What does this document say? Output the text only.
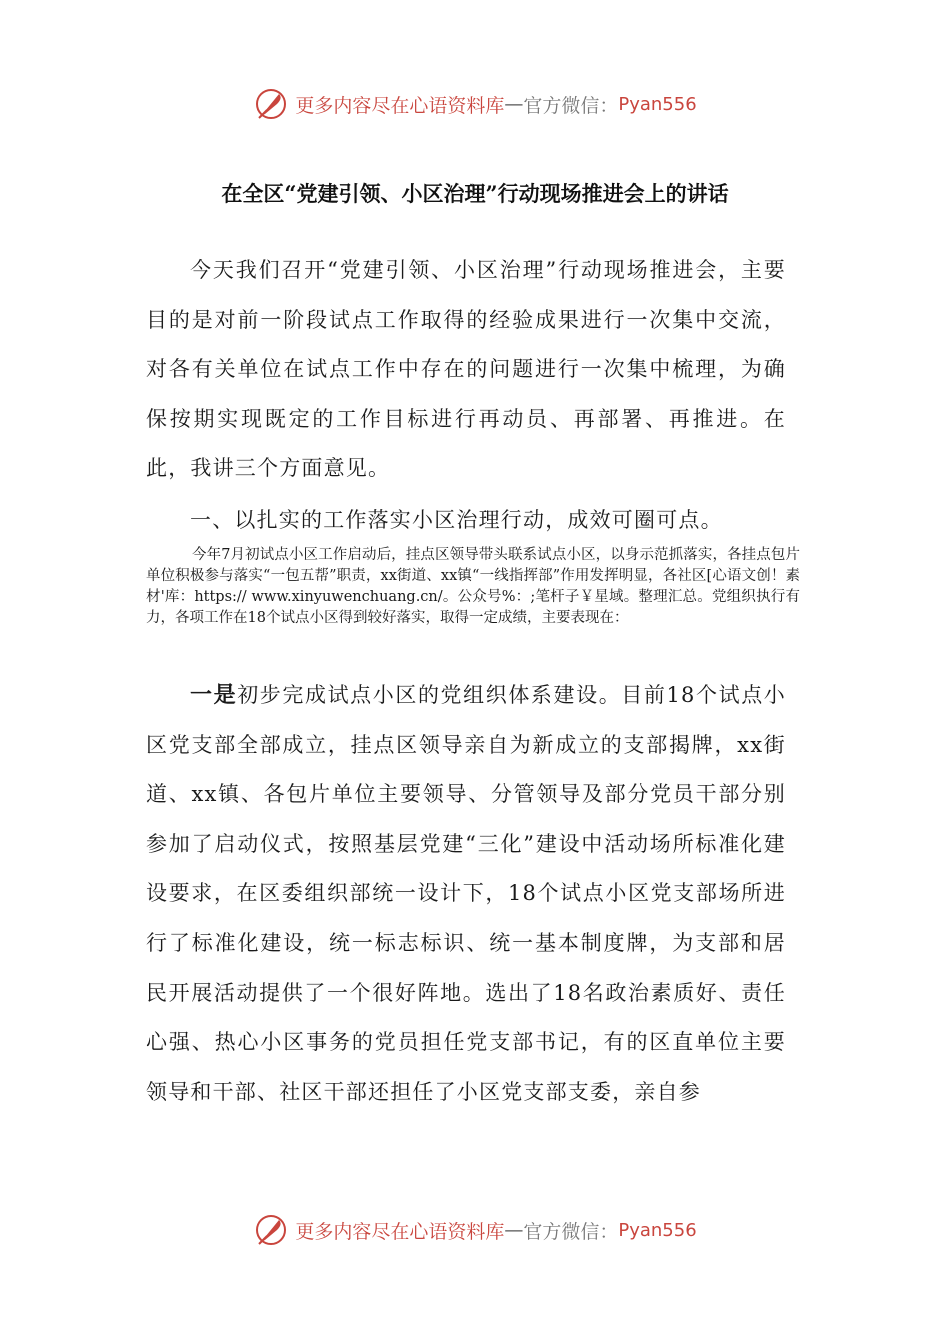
更多内容尽在心语资料库 — 官方微信： Pyan556
在全区“党建引领、小区治理”行动现场推进会上的讲话
今天我们召开“党建引领、小区治理”行动现场推进会，主要目的是对前一阶段试点工作取得的经验成果进行一次集中交流，对各有关单位在试点工作中存在的问题进行一次集中梳理，为确保按期实现既定的工作目标进行再动员、再部署、再推进。在此，我讲三个方面意见。
一、以扎实的工作落实小区治理行动，成效可圈可点。
今年7月初试点小区工作启动后，挂点区领导带头联系试点小区，以身示范抓落实，各挂点包片单位积极参与落实“一包五帮”职责，xx街道、xx镇“一线指挥部”作用发挥明显，各社区[心语文创！素材'库：https:// www.xinyuwenchuang.cn/。公众号%：;笔杆子￥星域。整理汇总。党组织执行有力，各项工作在18个试点小区得到较好落实，取得一定成绩，主要表现在：
一是初步完成试点小区的党组织体系建设。目前18个试点小区党支部全部成立，挂点区领导亲自为新成立的支部揭牌，xx街道、xx镇、各包片单位主要领导、分管领导及部分党员干部分别参加了启动仪式，按照基层党建“三化”建设中活动场所标准化建设要求，在区委组织部统一设计下，18个试点小区党支部场所进行了标准化建设，统一标志标识、统一基本制度牌，为支部和居民开展活动提供了一个很好阵地。选出了18名政治素质好、责任心强、热心小区事务的党员担任党支部书记，有的区直单位主要领导和干部、社区干部还担任了小区党支部支委，亲自参
更多内容尽在心语资料库 — 官方微信： Pyan556
